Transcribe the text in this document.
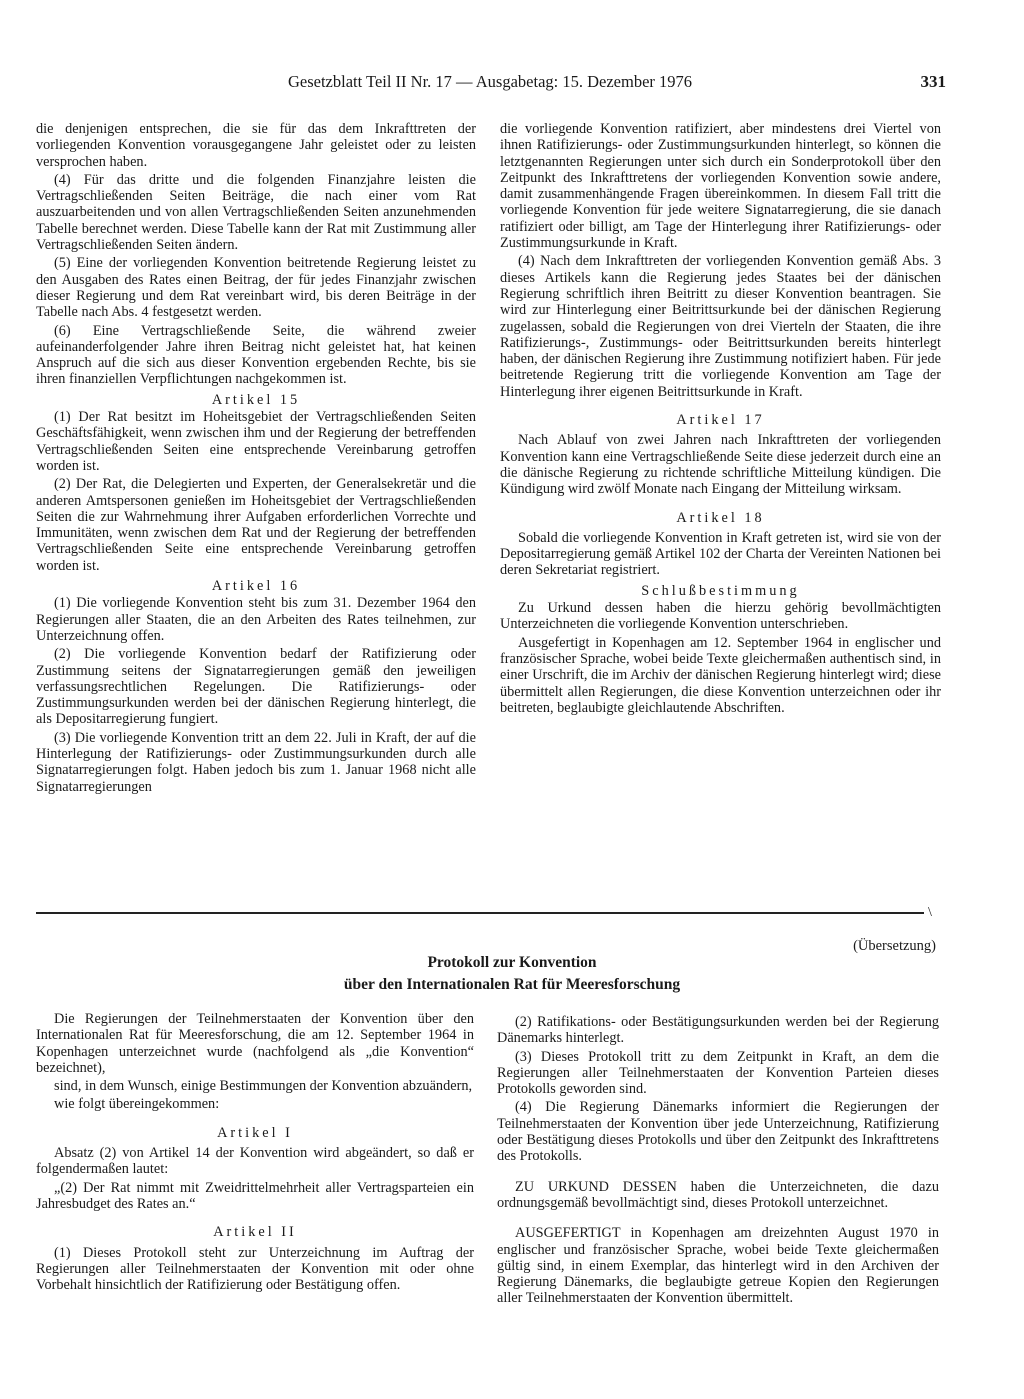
Gesetzblatt Teil II Nr. 17 — Ausgabetag: 15. Dezember 1976	331

die denjenigen entsprechen, die sie für das dem Inkrafttreten der vorliegenden Konvention vorausgegangene Jahr geleistet oder zu leisten versprochen haben.

(4) Für das dritte und die folgenden Finanzjahre leisten die Vertragschließenden Seiten Beiträge, die nach einer vom Rat auszuarbeitenden und von allen Vertragschließenden Seiten anzunehmenden Tabelle berechnet werden. Diese Tabelle kann der Rat mit Zustimmung aller Vertragschließenden Seiten ändern.

(5) Eine der vorliegenden Konvention beitretende Regierung leistet zu den Ausgaben des Rates einen Beitrag, der für jedes Finanzjahr zwischen dieser Regierung und dem Rat vereinbart wird, bis deren Beiträge in der Tabelle nach Abs. 4 festgesetzt werden.

(6) Eine Vertragschließende Seite, die während zweier aufeinanderfolgender Jahre ihren Beitrag nicht geleistet hat, hat keinen Anspruch auf die sich aus dieser Konvention ergebenden Rechte, bis sie ihren finanziellen Verpflichtungen nachgekommen ist.

Artikel 15

(1) Der Rat besitzt im Hoheitsgebiet der Vertragschließenden Seiten Geschäftsfähigkeit, wenn zwischen ihm und der Regierung der betreffenden Vertragschließenden Seiten eine entsprechende Vereinbarung getroffen worden ist.

(2) Der Rat, die Delegierten und Experten, der Generalsekretär und die anderen Amtspersonen genießen im Hoheitsgebiet der Vertragschließenden Seiten die zur Wahrnehmung ihrer Aufgaben erforderlichen Vorrechte und Immunitäten, wenn zwischen dem Rat und der Regierung der betreffenden Vertragschließenden Seite eine entsprechende Vereinbarung getroffen worden ist.

Artikel 16

(1) Die vorliegende Konvention steht bis zum 31. Dezember 1964 den Regierungen aller Staaten, die an den Arbeiten des Rates teilnehmen, zur Unterzeichnung offen.

(2) Die vorliegende Konvention bedarf der Ratifizierung oder Zustimmung seitens der Signatarregierungen gemäß den jeweiligen verfassungsrechtlichen Regelungen. Die Ratifizierungs- oder Zustimmungsurkunden werden bei der dänischen Regierung hinterlegt, die als Depositarregierung fungiert.

(3) Die vorliegende Konvention tritt an dem 22. Juli in Kraft, der auf die Hinterlegung der Ratifizierungs- oder Zustimmungsurkunden durch alle Signatarregierungen folgt. Haben jedoch bis zum 1. Januar 1968 nicht alle Signatarregierungen

die vorliegende Konvention ratifiziert, aber mindestens drei Viertel von ihnen Ratifizierungs- oder Zustimmungsurkunden hinterlegt, so können die letztgenannten Regierungen unter sich durch ein Sonderprotokoll über den Zeitpunkt des Inkrafttretens der vorliegenden Konvention sowie andere, damit zusammenhängende Fragen übereinkommen. In diesem Fall tritt die vorliegende Konvention für jede weitere Signatarregierung, die sie danach ratifiziert oder billigt, am Tage der Hinterlegung ihrer Ratifizierungs- oder Zustimmungsurkunde in Kraft.

(4) Nach dem Inkrafttreten der vorliegenden Konvention gemäß Abs. 3 dieses Artikels kann die Regierung jedes Staates bei der dänischen Regierung schriftlich ihren Beitritt zu dieser Konvention beantragen. Sie wird zur Hinterlegung einer Beitrittsurkunde bei der dänischen Regierung zugelassen, sobald die Regierungen von drei Vierteln der Staaten, die ihre Ratifizierungs-, Zustimmungs- oder Beitrittsurkunden bereits hinterlegt haben, der dänischen Regierung ihre Zustimmung notifiziert haben. Für jede beitretende Regierung tritt die vorliegende Konvention am Tage der Hinterlegung ihrer eigenen Beitrittsurkunde in Kraft.

Artikel 17

Nach Ablauf von zwei Jahren nach Inkrafttreten der vorliegenden Konvention kann eine Vertragschließende Seite diese jederzeit durch eine an die dänische Regierung zu richtende schriftliche Mitteilung kündigen. Die Kündigung wird zwölf Monate nach Eingang der Mitteilung wirksam.

Artikel 18

Sobald die vorliegende Konvention in Kraft getreten ist, wird sie von der Depositarregierung gemäß Artikel 102 der Charta der Vereinten Nationen bei deren Sekretariat registriert.

Schlußbestimmung

Zu Urkund dessen haben die hierzu gehörig bevollmächtigten Unterzeichneten die vorliegende Konvention unterschrieben.

Ausgefertigt in Kopenhagen am 12. September 1964 in englischer und französischer Sprache, wobei beide Texte gleichermaßen authentisch sind, in einer Urschrift, die im Archiv der dänischen Regierung hinterlegt wird; diese übermittelt allen Regierungen, die diese Konvention unterzeichnen oder ihr beitreten, beglaubigte gleichlautende Abschriften.

\
(Übersetzung)
Protokoll zur Konvention
über den Internationalen Rat für Meeresforschung

Die Regierungen der Teilnehmerstaaten der Konvention über den Internationalen Rat für Meeresforschung, die am 12. September 1964 in Kopenhagen unterzeichnet wurde (nachfolgend als „die Konvention“ bezeichnet),

sind, in dem Wunsch, einige Bestimmungen der Konvention abzuändern,

wie folgt übereingekommen:

Artikel I

Absatz (2) von Artikel 14 der Konvention wird abgeändert, so daß er folgendermaßen lautet:

„(2) Der Rat nimmt mit Zweidrittelmehrheit aller Vertragsparteien ein Jahresbudget des Rates an.“

Artikel II

(1) Dieses Protokoll steht zur Unterzeichnung im Auftrag der Regierungen aller Teilnehmerstaaten der Konvention mit oder ohne Vorbehalt hinsichtlich der Ratifizierung oder Bestätigung offen.

(2) Ratifikations- oder Bestätigungsurkunden werden bei der Regierung Dänemarks hinterlegt.

(3) Dieses Protokoll tritt zu dem Zeitpunkt in Kraft, an dem die Regierungen aller Teilnehmerstaaten der Konvention Parteien dieses Protokolls geworden sind.

(4) Die Regierung Dänemarks informiert die Regierungen der Teilnehmerstaaten der Konvention über jede Unterzeichnung, Ratifizierung oder Bestätigung dieses Protokolls und über den Zeitpunkt des Inkrafttretens des Protokolls.

ZU URKUND DESSEN haben die Unterzeichneten, die dazu ordnungsgemäß bevollmächtigt sind, dieses Protokoll unterzeichnet.

AUSGEFERTIGT in Kopenhagen am dreizehnten August 1970 in englischer und französischer Sprache, wobei beide Texte gleichermaßen gültig sind, in einem Exemplar, das hinterlegt wird in den Archiven der Regierung Dänemarks, die beglaubigte getreue Kopien den Regierungen aller Teilnehmerstaaten der Konvention übermittelt.
